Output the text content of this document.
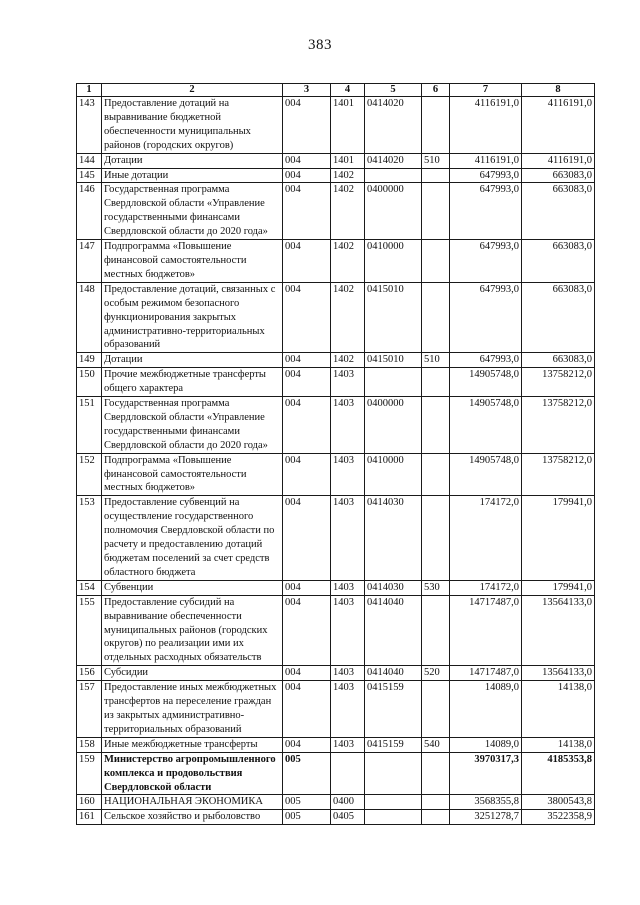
383
1	2	3	4	5	6	7	8
143	Предоставление дотаций на выравнивание бюджетной обеспеченности муниципальных районов (городских округов)	004	1401	0414020		4116191,0	4116191,0
144	Дотации	004	1401	0414020	510	4116191,0	4116191,0
145	Иные дотации	004	1402			647993,0	663083,0
146	Государственная программа Свердловской области «Управление государственными финансами Свердловской области до 2020 года»	004	1402	0400000		647993,0	663083,0
147	Подпрограмма «Повышение финансовой самостоятельности местных бюджетов»	004	1402	0410000		647993,0	663083,0
148	Предоставление дотаций, связанных с особым режимом безопасного функционирования закрытых административно-территориальных образований	004	1402	0415010		647993,0	663083,0
149	Дотации	004	1402	0415010	510	647993,0	663083,0
150	Прочие межбюджетные трансферты общего характера	004	1403			14905748,0	13758212,0
151	Государственная программа Свердловской области «Управление государственными финансами Свердловской области до 2020 года»	004	1403	0400000		14905748,0	13758212,0
152	Подпрограмма «Повышение финансовой самостоятельности местных бюджетов»	004	1403	0410000		14905748,0	13758212,0
153	Предоставление субвенций на осуществление государственного полномочия Свердловской области по расчету и предоставлению дотаций бюджетам поселений за счет средств областного бюджета	004	1403	0414030		174172,0	179941,0
154	Субвенции	004	1403	0414030	530	174172,0	179941,0
155	Предоставление субсидий на выравнивание обеспеченности муниципальных районов (городских округов) по реализации ими их отдельных расходных обязательств	004	1403	0414040		14717487,0	13564133,0
156	Субсидии	004	1403	0414040	520	14717487,0	13564133,0
157	Предоставление иных межбюджетных трансфертов на переселение граждан из закрытых административно-территориальных образований	004	1403	0415159		14089,0	14138,0
158	Иные межбюджетные трансферты	004	1403	0415159	540	14089,0	14138,0
159	Министерство агропромышленного комплекса и продовольствия Свердловской области	005				3970317,3	4185353,8
160	НАЦИОНАЛЬНАЯ ЭКОНОМИКА	005	0400			3568355,8	3800543,8
161	Сельское хозяйство и рыболовство	005	0405			3251278,7	3522358,9
